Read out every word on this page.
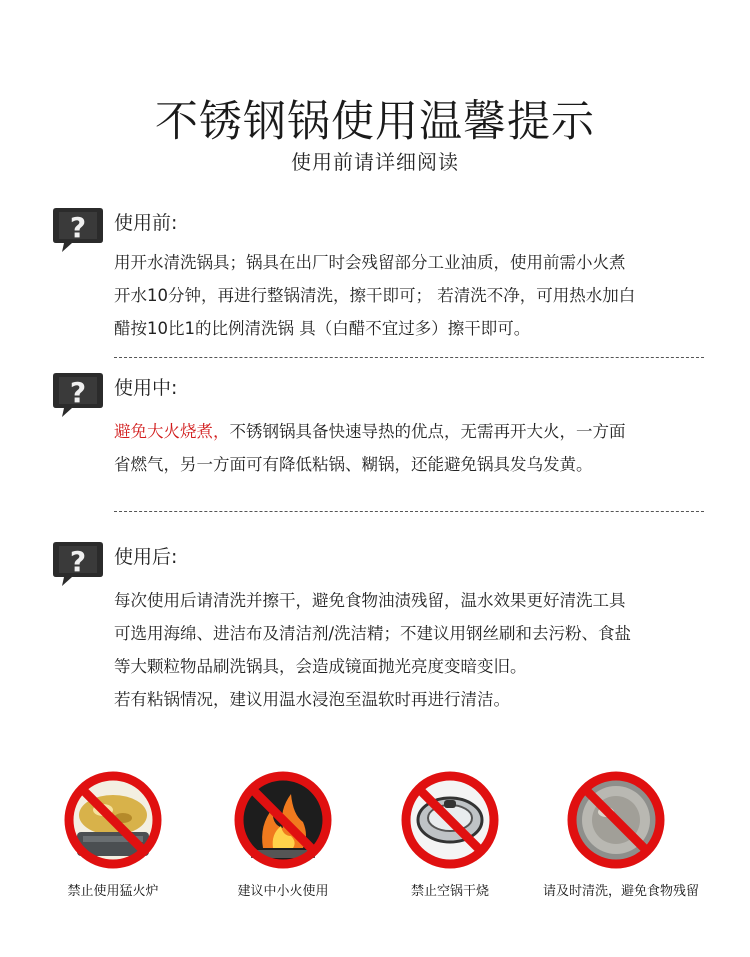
不锈钢锅使用温馨提示
使用前请详细阅读
使用前:

用开水清洗锅具；锅具在出厂时会残留部分工业油质，使用前需小火煮

开水10分钟，再进行整锅清洗，擦干即可； 若清洗不净，可用热水加白

醋按10比1的比例清洗锅 具（白醋不宜过多）擦干即可。

使用中:

避免大火烧煮，不锈钢锅具备快速导热的优点，无需再开大火，一方面

省燃气，另一方面可有降低粘锅、糊锅，还能避免锅具发乌发黄。

使用后:

每次使用后请清洗并擦干，避免食物油渍残留，温水效果更好清洗工具

可选用海绵、进洁布及清洁剂/洗洁精；不建议用钢丝刷和去污粉、食盐

等大颗粒物品刷洗锅具，会造成镜面抛光亮度变暗变旧。

若有粘锅情况，建议用温水浸泡至温软时再进行清洁。

禁止使用猛火炉	建议中小火使用	禁止空锅干烧	请及时清洗，避免食物残留
